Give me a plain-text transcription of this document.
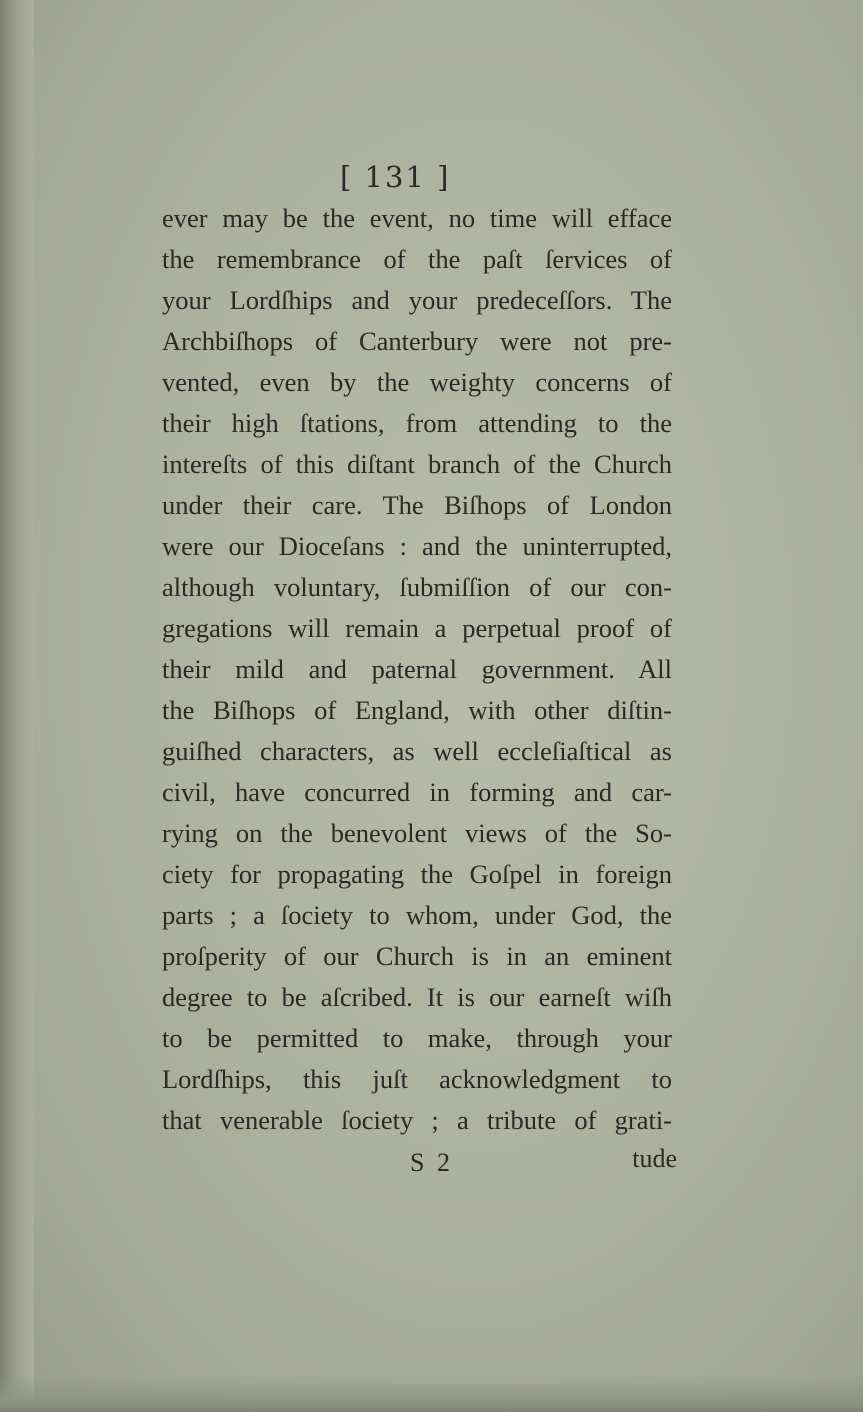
[ 131 ]
ever may be the event, no time will efface
the remembrance of the paſt ſervices of
your Lordſhips and your predeceſſors. The
Archbiſhops of Canterbury were not pre-
vented, even by the weighty concerns of
their high ſtations, from attending to the
intereſts of this diſtant branch of the Church
under their care. The Biſhops of London
were our Dioceſans : and the uninterrupted,
although voluntary, ſubmiſſion of our con-
gregations will remain a perpetual proof of
their mild and paternal government. All
the Biſhops of England, with other diſtin-
guiſhed characters, as well eccleſiaſtical as
civil, have concurred in forming and car-
rying on the benevolent views of the So-
ciety for propagating the Goſpel in foreign
parts ; a ſociety to whom, under God, the
proſperity of our Church is in an eminent
degree to be aſcribed. It is our earneſt wiſh
to be permitted to make, through your
Lordſhips, this juſt acknowledgment to
that venerable ſociety ; a tribute of grati-
S 2	tude
